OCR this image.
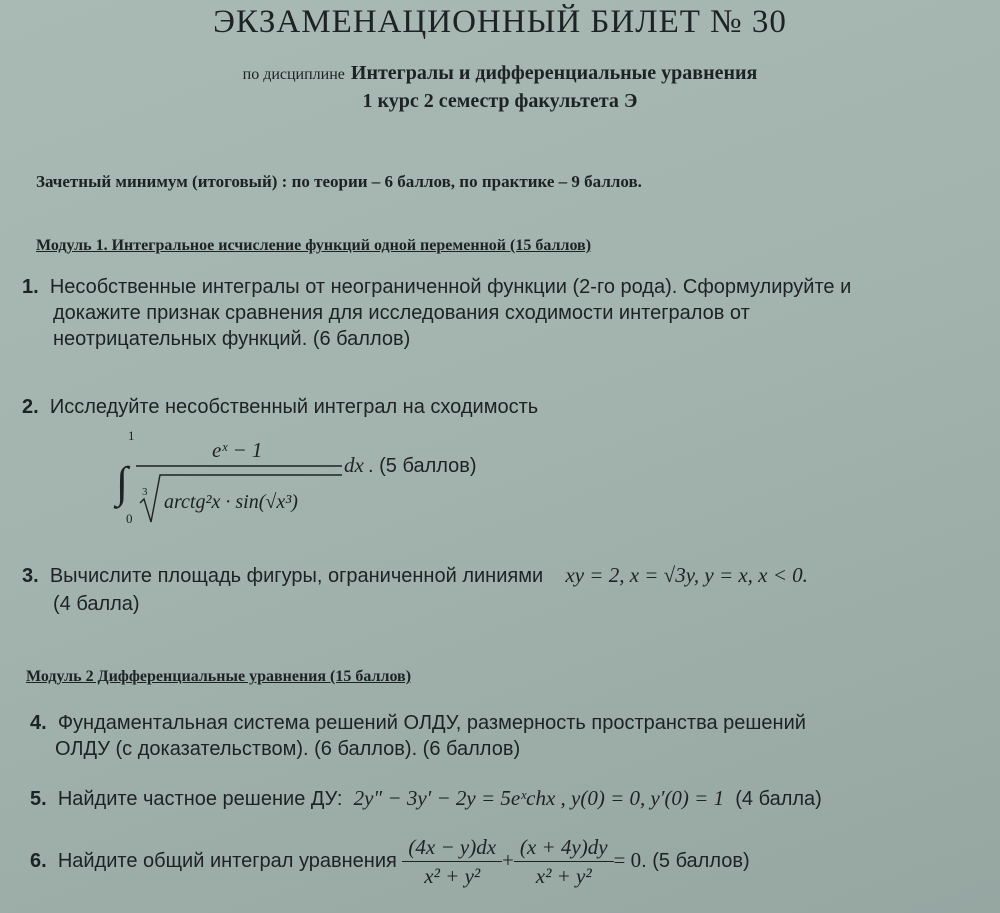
ЭКЗАМЕНАЦИОННЫЙ БИЛЕТ № 30
по дисциплине Интегралы и дифференциальные уравнения
1 курс 2 семестр факультета Э
Зачетный минимум (итоговый) : по теории – 6 баллов, по практике – 9 баллов.
Модуль 1. Интегральное исчисление функций одной переменной (15 баллов)
1. Несобственные интегралы от неограниченной функции (2-го рода). Сформулируйте и
докажите признак сравнения для исследования сходимости интегралов от
неотрицательных функций. (6 баллов)
2. Исследуйте несобственный интеграл на сходимость
1
∫
0
eˣ − 1
3 arctg²x · sin(√x³)
dx . (5 баллов)
3. Вычислите площадь фигуры, ограниченной линиями xy = 2, x = √3y, y = x, x < 0.
(4 балла)
Модуль 2 Дифференциальные уравнения (15 баллов)
4. Фундаментальная система решений ОЛДУ, размерность пространства решений
ОЛДУ (с доказательством). (6 баллов). (6 баллов)
5. Найдите частное решение ДУ: 2y″ − 3y′ − 2y = 5eˣchx , y(0) = 0, y′(0) = 1 (4 балла)
6. Найдите общий интеграл уравнения $\frac{(4x - y)dx}{\text{x² + y²}} + \frac{(x + 4y)dy}{\text{x² + y²}} = 0$. (5 баллов)
